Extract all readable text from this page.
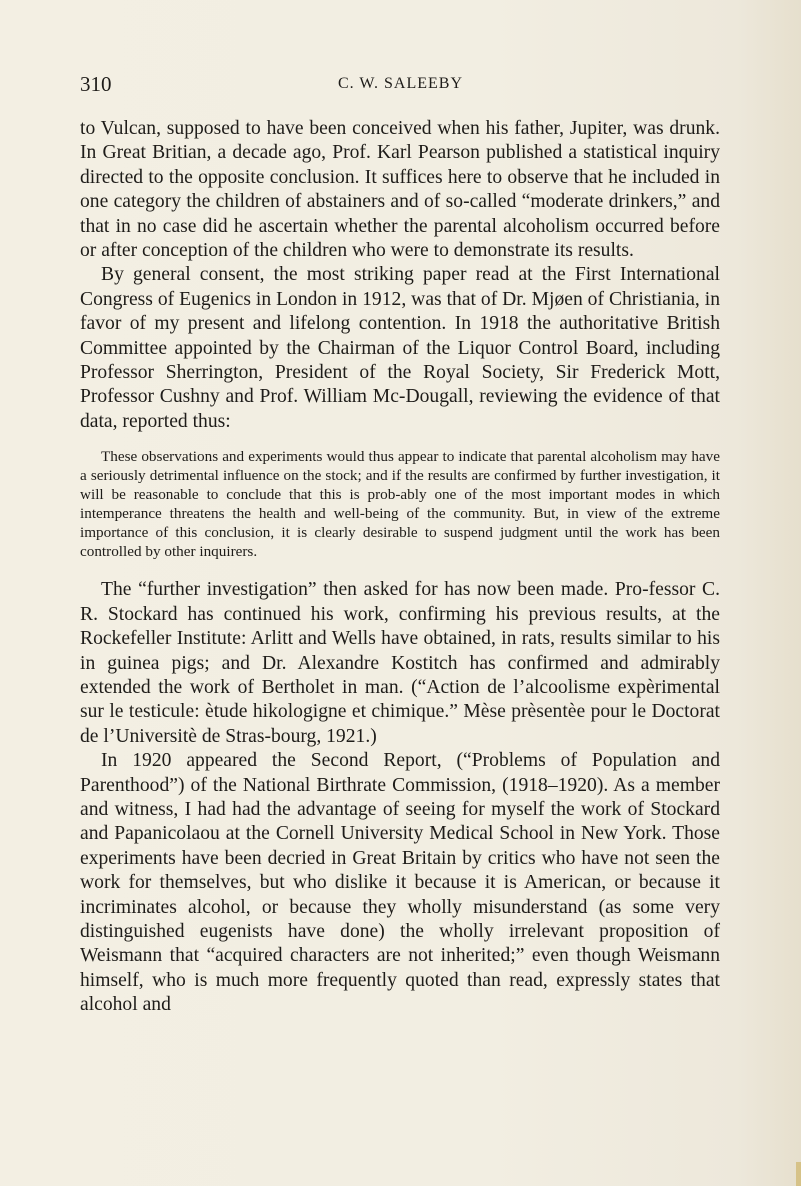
310	C. W. SALEEBY

to Vulcan, supposed to have been conceived when his father, Jupiter, was drunk. In Great Britian, a decade ago, Prof. Karl Pearson published a statistical inquiry directed to the opposite conclusion. It suffices here to observe that he included in one category the children of abstainers and of so-called “moderate drinkers,” and that in no case did he ascertain whether the parental alcoholism occurred before or after conception of the children who were to demonstrate its results.

By general consent, the most striking paper read at the First International Congress of Eugenics in London in 1912, was that of Dr. Mjøen of Christiania, in favor of my present and lifelong contention. In 1918 the authoritative British Committee appointed by the Chairman of the Liquor Control Board, including Professor Sherrington, President of the Royal Society, Sir Frederick Mott, Professor Cushny and Prof. William Mc-Dougall, reviewing the evidence of that data, reported thus:

These observations and experiments would thus appear to indicate that parental alcoholism may have a seriously detrimental influence on the stock; and if the results are confirmed by further investigation, it will be reasonable to conclude that this is prob-ably one of the most important modes in which intemperance threatens the health and well-being of the community. But, in view of the extreme importance of this conclusion, it is clearly desirable to suspend judgment until the work has been controlled by other inquirers.

The “further investigation” then asked for has now been made. Pro-fessor C. R. Stockard has continued his work, confirming his previous results, at the Rockefeller Institute: Arlitt and Wells have obtained, in rats, results similar to his in guinea pigs; and Dr. Alexandre Kostitch has confirmed and admirably extended the work of Bertholet in man. (“Action de l’alcoolisme expèrimental sur le testicule: ètude hikologigne et chimique.” Mèse prèsentèe pour le Doctorat de l’Universitè de Stras-bourg, 1921.)

In 1920 appeared the Second Report, (“Problems of Population and Parenthood”) of the National Birthrate Commission, (1918–1920). As a member and witness, I had had the advantage of seeing for myself the work of Stockard and Papanicolaou at the Cornell University Medical School in New York. Those experiments have been decried in Great Britain by critics who have not seen the work for themselves, but who dislike it because it is American, or because it incriminates alcohol, or because they wholly misunderstand (as some very distinguished eugenists have done) the wholly irrelevant proposition of Weismann that “acquired characters are not inherited;” even though Weismann himself, who is much more frequently quoted than read, expressly states that alcohol and
